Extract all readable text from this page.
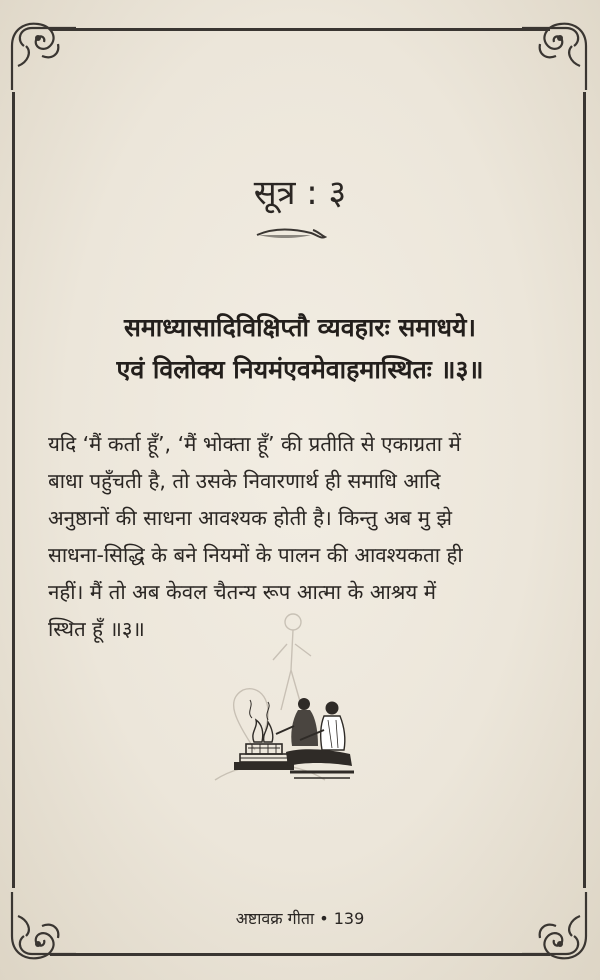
सूत्र : ३
समाध्यासादिविक्षिप्तौ व्यवहारः समाधये।
एवं विलोक्य नियमंएवमेवाहमास्थितः ॥३॥
यदि ‘मैं कर्ता हूँ’, ‘मैं भोक्ता हूँ’ की प्रतीति से एकाग्रता में
बाधा पहुँचती है, तो उसके निवारणार्थ ही समाधि आदि
अनुष्ठानों की साधना आवश्यक होती है। किन्तु अब मु झे
साधना-सिद्धि के बने नियमों के पालन की आवश्यकता ही
नहीं। मैं तो अब केवल चैतन्य रूप आत्मा के आश्रय में
स्थित हूँ ॥३॥
अष्टावक्र गीता • 139
